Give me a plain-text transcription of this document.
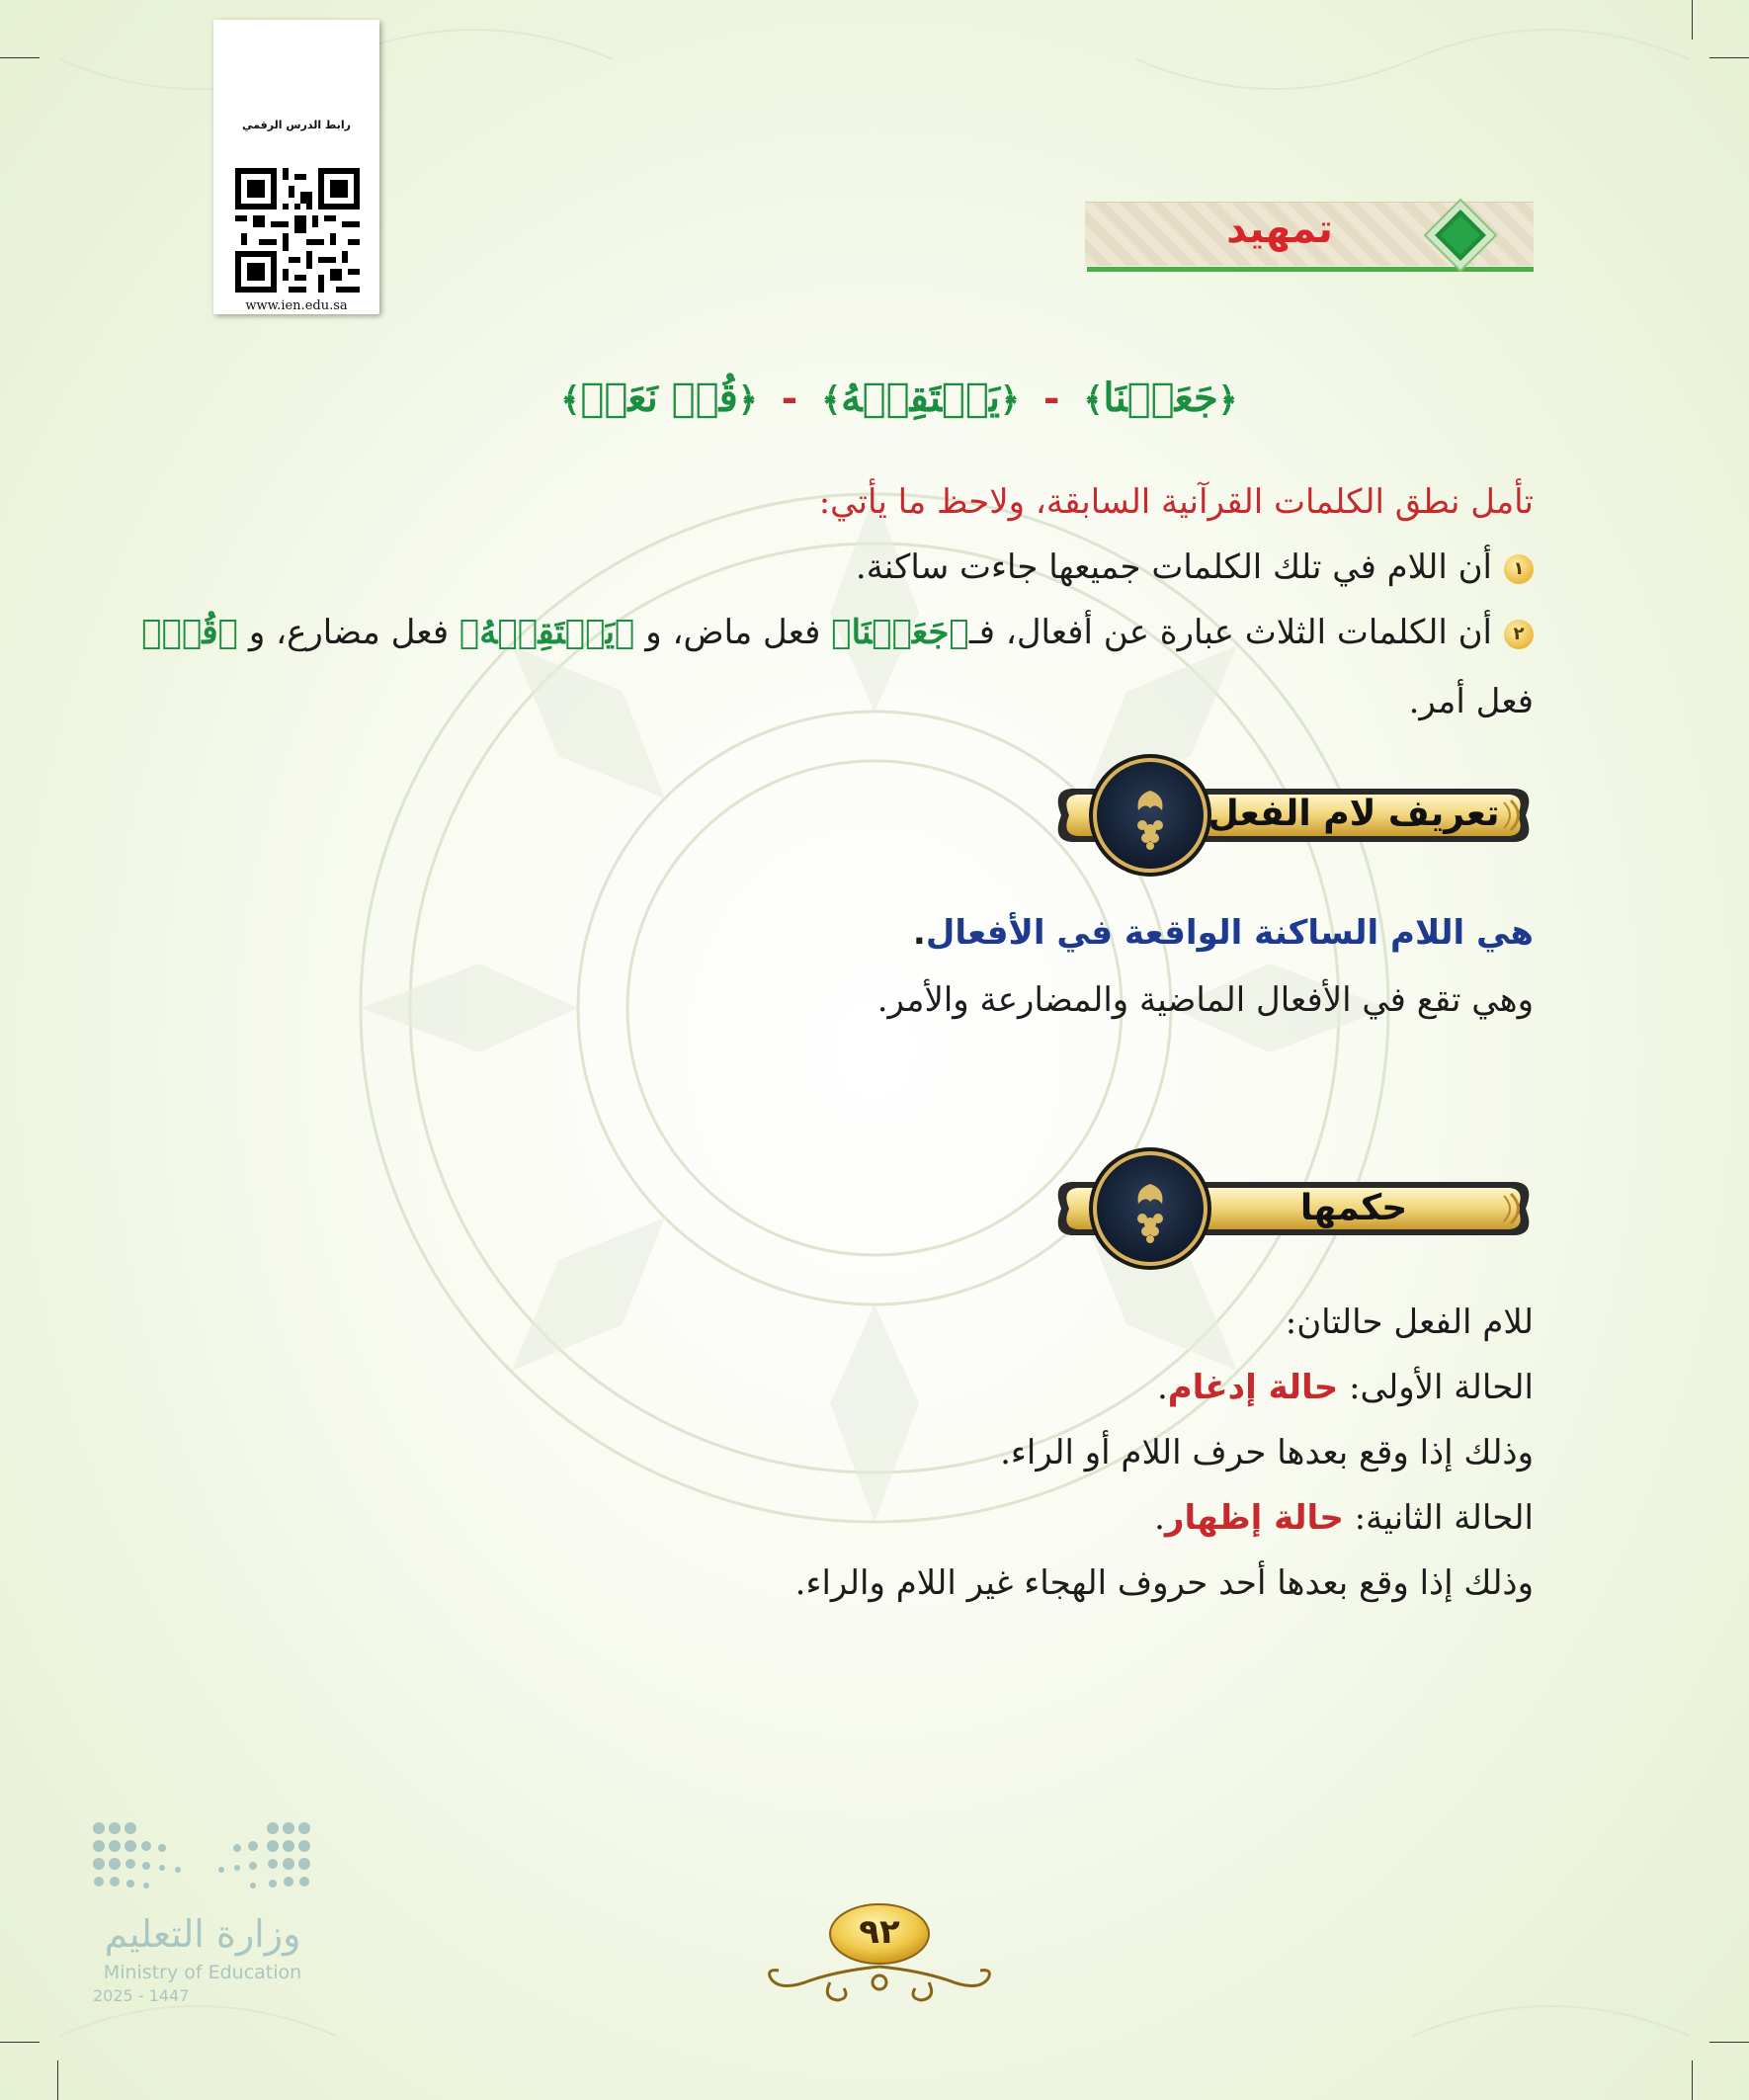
رابط الدرس الرقمي
www.ien.edu.sa
تمهيد
﴿جَعَلۡنَا﴾ - ﴿يَلۡتَقِطۡهُ﴾ - ﴿قُلۡ نَعَمۡ﴾
تأمل نطق الكلمات القرآنية السابقة، ولاحظ ما يأتي:
١أن اللام في تلك الكلمات جميعها جاءت ساكنة.
٢أن الكلمات الثلاث عبارة عن أفعال، فـ﴿جَعَلۡنَا﴾ فعل ماض، و ﴿يَلۡتَقِطۡهُ﴾ فعل مضارع، و ﴿قُلۡ﴾
فعل أمر.
تعريف لام الفعل
هي اللام الساكنة الواقعة في الأفعال.
وهي تقع في الأفعال الماضية والمضارعة والأمر.
حكمها
للام الفعل حالتان:
الحالة الأولى: حالة إدغام.
وذلك إذا وقع بعدها حرف اللام أو الراء.
الحالة الثانية: حالة إظهار.
وذلك إذا وقع بعدها أحد حروف الهجاء غير اللام والراء.
٩٢
وزارة التعليم
Ministry of Education
2025 - 1447
